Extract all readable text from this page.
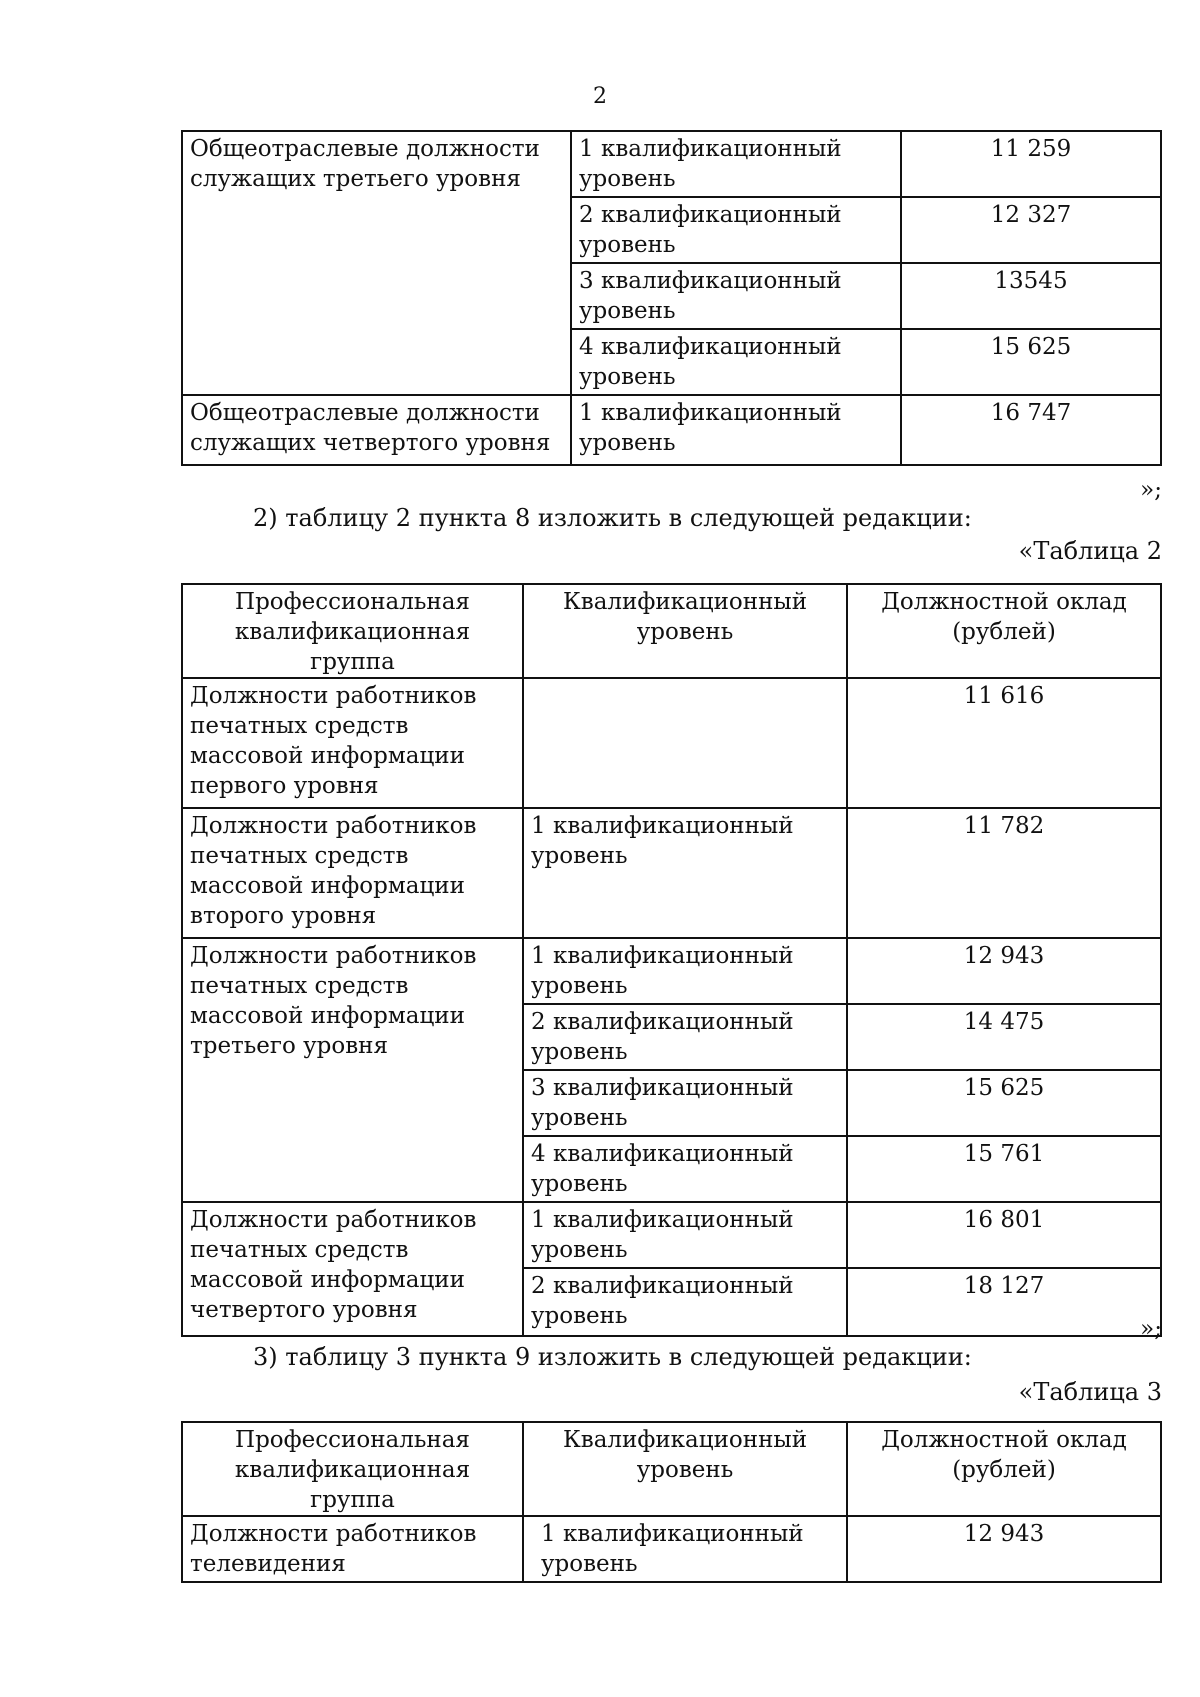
2
Общеотраслевые должности служащих третьего уровня	1 квалификационный уровень	11 259
	2 квалификационный уровень	12 327
	3 квалификационный уровень	13545
	4 квалификационный уровень	15 625
Общеотраслевые должности служащих четвертого уровня	1 квалификационный уровень	16 747
»;
2) таблицу 2 пункта 8 изложить в следующей редакции:
«Таблица 2
Профессиональная квалификационная группа	Квалификационный уровень	Должностной оклад (рублей)
Должности работников печатных средств массовой информации первого уровня		11 616
Должности работников печатных средств массовой информации второго уровня	1 квалификационный уровень	11 782
Должности работников печатных средств массовой информации третьего уровня	1 квалификационный уровень	12 943
	2 квалификационный уровень	14 475
	3 квалификационный уровень	15 625
	4 квалификационный уровень	15 761
Должности работников печатных средств массовой информации четвертого уровня	1 квалификационный уровень	16 801
	2 квалификационный уровень	18 127
»;
3) таблицу 3 пункта 9 изложить в следующей редакции:
«Таблица 3
Профессиональная квалификационная группа	Квалификационный уровень	Должностной оклад (рублей)
Должности работников телевидения	1 квалификационный уровень	12 943
